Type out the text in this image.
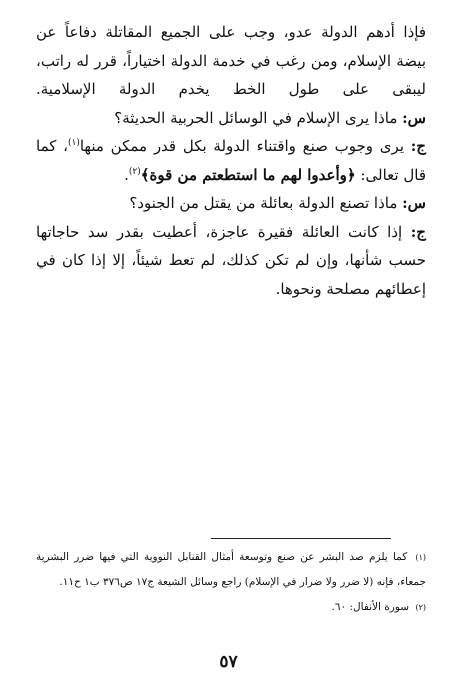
فإذا أدهم الدولة عدو، وجب على الجميع المقاتلة دفاعاً عن بيضة الإسلام، ومن رغب في خدمة الدولة اختياراً، قرر له راتب، ليبقى على طول الخط يخدم الدولة الإسلامية.

س: ماذا يرى الإسلام في الوسائل الحربية الحديثة؟

ج: يرى وجوب صنع واقتناء الدولة بكل قدر ممكن منها$^{(١)}$، كما قال تعالى: ﴿وأعدوا لهم ما استطعتم من قوة﴾$^{(٢)}$.

س: ماذا تصنع الدولة بعائلة من يقتل من الجنود؟

ج: إذا كانت العائلة فقيرة عاجزة، أعطيت بقدر سد حاجاتها حسب شأنها، وإن لم تكن كذلك، لم تعط شيئاً، إلا إذا كان في إعطائهم مصلحة ونحوها.

(١) كما يلزم صد البشر عن صنع وتوسعة أمثال القنابل النووية التي فيها ضرر البشرية جمعاء، فإنه (لا ضرر ولا ضرار في الإسلام) راجع وسائل الشيعة ج١٧ ص٣٧٦ ب١ ح١١.

(٢) سورة الأنفال: ٦٠.

٥٧
